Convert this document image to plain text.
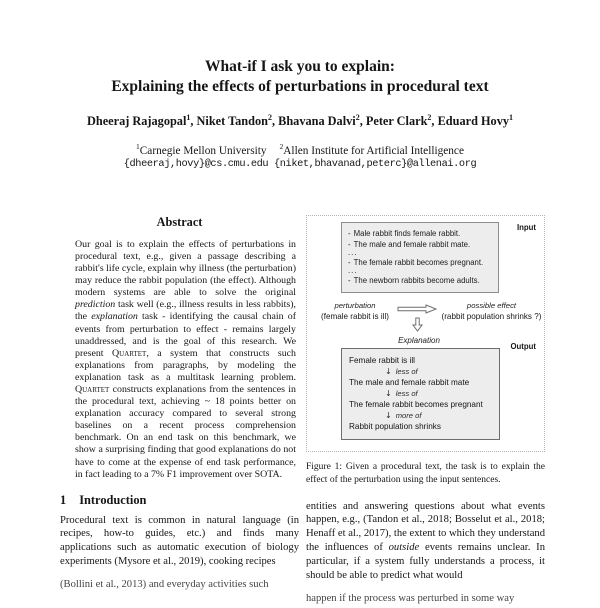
What-if I ask you to explain:
Explaining the effects of perturbations in procedural text
Dheeraj Rajagopal$^1$, Niket Tandon$^2$, Bhavana Dalvi$^2$, Peter Clark$^2$, Eduard Hovy$^1$
$^1$Carnegie Mellon University $^2$Allen Institute for Artificial Intelligence
{dheeraj,hovy}@cs.cmu.edu {niket,bhavanad,peterc}@allenai.org
Abstract

Our goal is to explain the effects of perturbations in procedural text, e.g., given a passage describing a rabbit's life cycle, explain why illness (the perturbation) may reduce the rabbit population (the effect). Although modern systems are able to solve the original prediction task well (e.g., illness results in less rabbits), the explanation task - identifying the causal chain of events from perturbation to effect - remains largely unaddressed, and is the goal of this research. We present Quartet, a system that constructs such explanations from paragraphs, by modeling the explanation task as a multitask learning problem. Quartet constructs explanations from the sentences in the procedural text, achieving ~ 18 points better on explanation accuracy compared to several strong baselines on a recent process comprehension benchmark. On an end task on this benchmark, we show a surprising finding that good explanations do not have to come at the expense of end task performance, in fact leading to a 7% F1 improvement over SOTA.

1 Introduction

Procedural text is common in natural language (in recipes, how-to guides, etc.) and finds many applications such as automatic execution of biology experiments (Mysore et al., 2019), cooking recipes

(Bollini et al., 2013) and everyday activities such

Input
- Male rabbit finds female rabbit.
- The male and female rabbit mate.
...
- The female rabbit becomes pregnant.
...
- The newborn rabbits become adults.
perturbation
(female rabbit is ill)
possible effect
(rabbit population shrinks ?)
Explanation
Output
Female rabbit is ill
↓ less of
The male and female rabbit mate
↓ less of
The female rabbit becomes pregnant
↓ more of
Rabbit population shrinks

Figure 1: Given a procedural text, the task is to explain the effect of the perturbation using the input sentences.

entities and answering questions about what events happen, e.g., (Tandon et al., 2018; Bosselut et al., 2018; Henaff et al., 2017), the extent to which they understand the influences of outside events remains unclear. In particular, if a system fully understands a process, it should be able to predict what would

happen if the process was perturbed in some way
